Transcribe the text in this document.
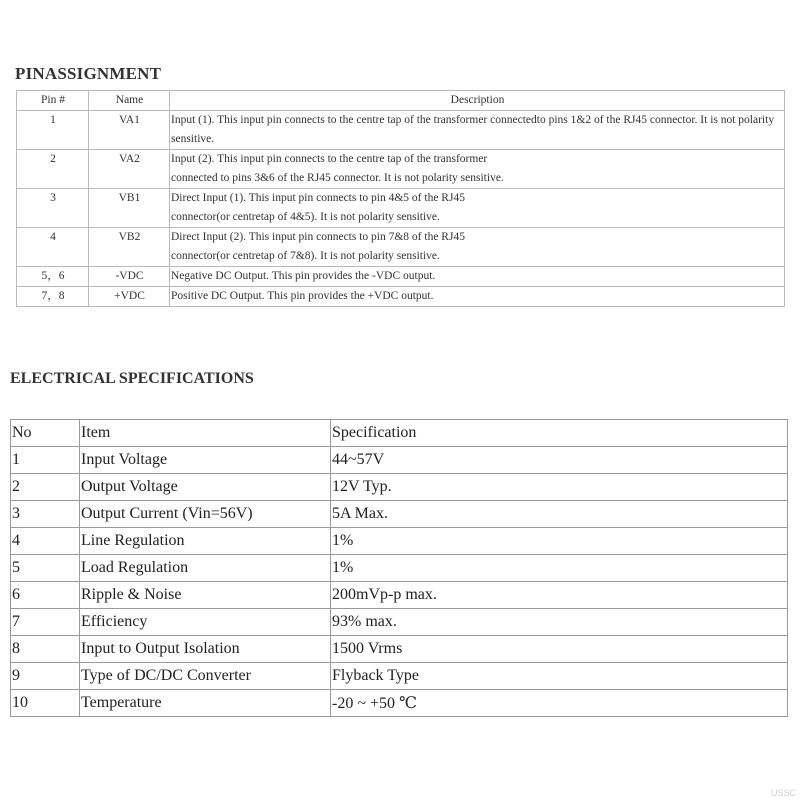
PINASSIGNMENT
Pin #	Name	Description
1	VA1	Input (1). This input pin connects to the centre tap of the transformer connectedto pins 1&2 of the RJ45 connector. It is not polarity sensitive.
2	VA2	Input (2). This input pin connects to the centre tap of the transformer
connected to pins 3&6 of the RJ45 connector. It is not polarity sensitive.
3	VB1	Direct Input (1). This input pin connects to pin 4&5 of the RJ45
connector(or centretap of 4&5). It is not polarity sensitive.
4	VB2	Direct Input (2). This input pin connects to pin 7&8 of the RJ45
connector(or centretap of 7&8). It is not polarity sensitive.
5，6	-VDC	Negative DC Output. This pin provides the -VDC output.
7，8	+VDC	Positive DC Output. This pin provides the +VDC output.
ELECTRICAL SPECIFICATIONS
No	Item	Specification
1	Input Voltage	44~57V
2	Output Voltage	12V Typ.
3	Output Current (Vin=56V)	5A Max.
4	Line Regulation	1%
5	Load Regulation	1%
6	Ripple & Noise	200mVp-p max.
7	Efficiency	93% max.
8	Input to Output Isolation	1500 Vrms
9	Type of DC/DC Converter	Flyback Type
10	Temperature	-20 ~ +50 ℃
USSC
